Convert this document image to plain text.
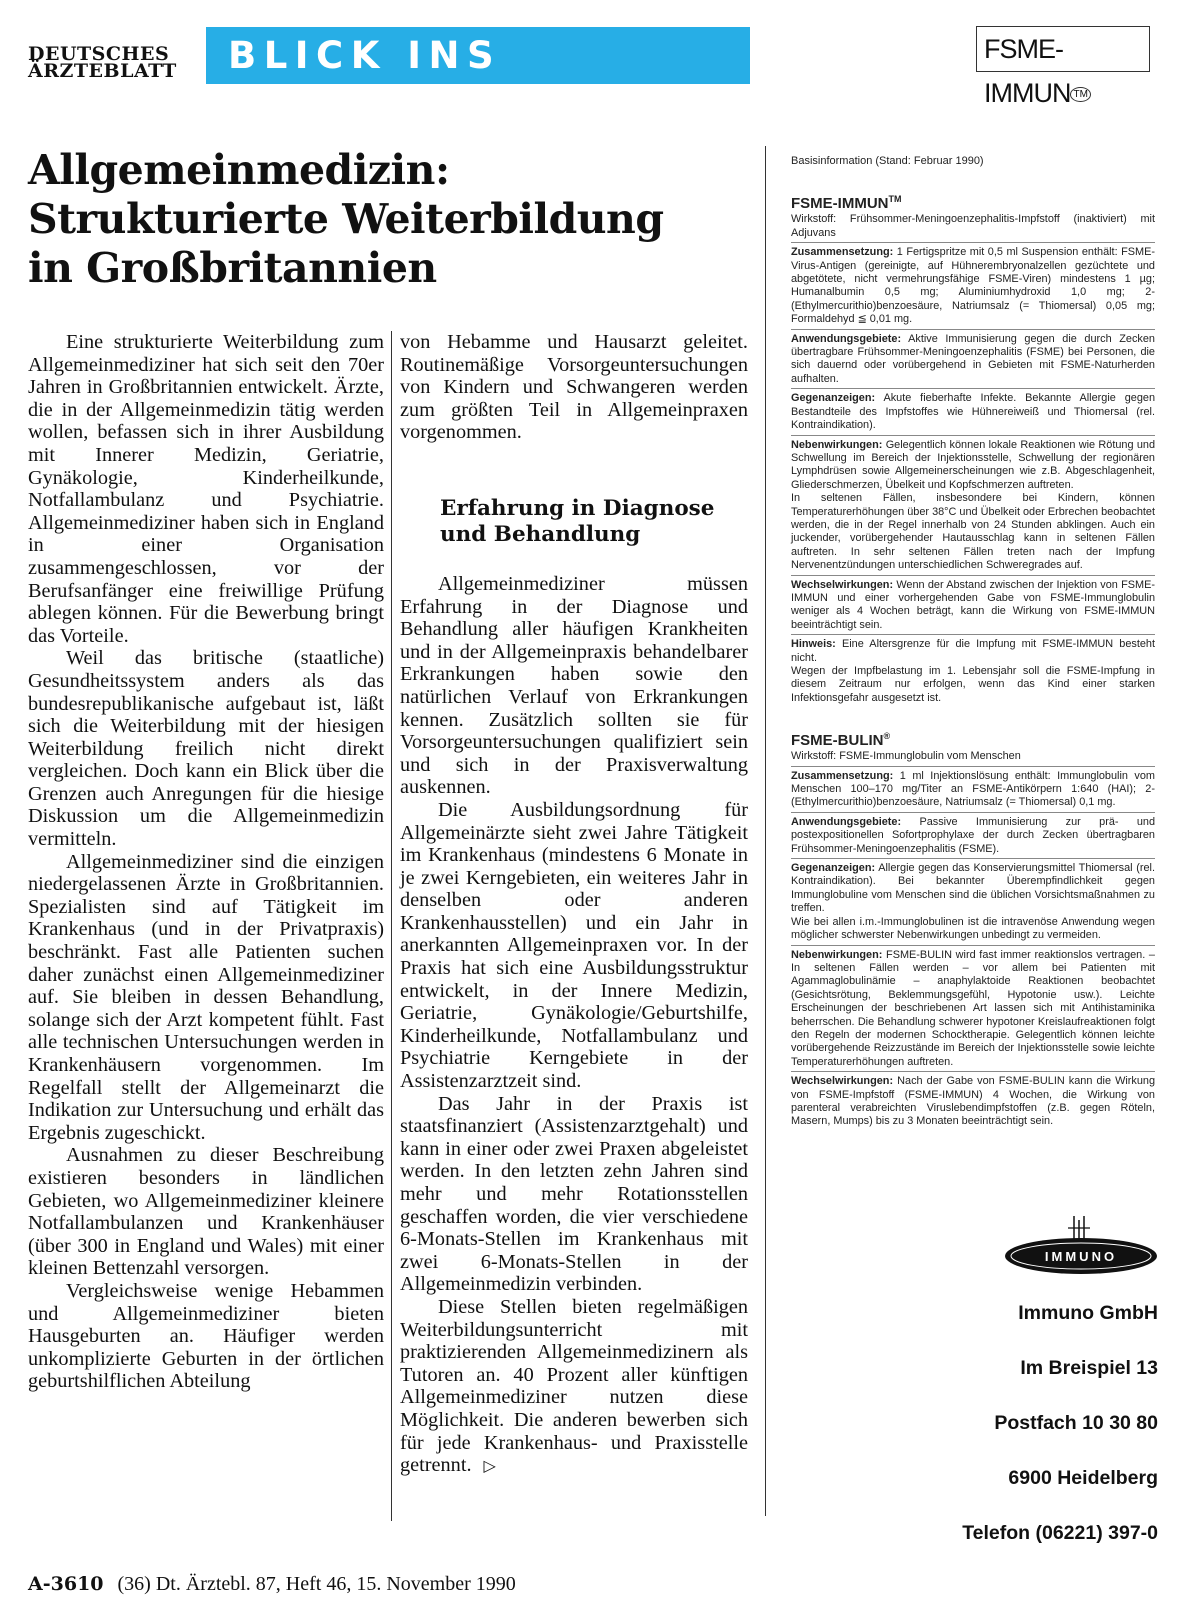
DEUTSCHES
ÄRZTEBLATT	BLICK INS AUSLAND
FSME-IMMUN ™
Allgemeinmedizin:
Strukturierte Weiterbildung
in Großbritannien

Eine strukturierte Weiterbildung zum Allgemeinmediziner hat sich seit den 70er Jahren in Großbritannien entwickelt. Ärzte, die in der Allgemeinmedizin tätig werden wollen, befassen sich in ihrer Ausbildung mit Innerer Medizin, Geriatrie, Gynäkologie, Kinderheilkunde, Notfallambulanz und Psychiatrie. Allgemeinmediziner haben sich in England in einer Organisation zusammengeschlossen, vor der Berufsanfänger eine freiwillige Prüfung ablegen können. Für die Bewerbung bringt das Vorteile.

Weil das britische (staatliche) Gesundheitssystem anders als das bundesrepublikanische aufgebaut ist, läßt sich die Weiterbildung mit der hiesigen Weiterbildung freilich nicht direkt vergleichen. Doch kann ein Blick über die Grenzen auch Anregungen für die hiesige Diskussion um die Allgemeinmedizin vermitteln.

Allgemeinmediziner sind die einzigen niedergelassenen Ärzte in Großbritannien. Spezialisten sind auf Tätigkeit im Krankenhaus (und in der Privatpraxis) beschränkt. Fast alle Patienten suchen daher zunächst einen Allgemeinmediziner auf. Sie bleiben in dessen Behandlung, solange sich der Arzt kompetent fühlt. Fast alle technischen Untersuchungen werden in Krankenhäusern vorgenommen. Im Regelfall stellt der Allgemeinarzt die Indikation zur Untersuchung und erhält das Ergebnis zugeschickt.

Ausnahmen zu dieser Beschreibung existieren besonders in ländlichen Gebieten, wo Allgemeinmediziner kleinere Notfallambulanzen und Krankenhäuser (über 300 in England und Wales) mit einer kleinen Bettenzahl versorgen.

Vergleichsweise wenige Hebammen und Allgemeinmediziner bieten Hausgeburten an. Häufiger werden unkomplizierte Geburten in der örtlichen geburtshilflichen Abteilung

von Hebamme und Hausarzt geleitet. Routinemäßige Vorsorgeuntersuchungen von Kindern und Schwangeren werden zum größten Teil in Allgemeinpraxen vorgenommen.

Erfahrung in Diagnose und Behandlung

Allgemeinmediziner müssen Erfahrung in der Diagnose und Behandlung aller häufigen Krankheiten und in der Allgemeinpraxis behandelbarer Erkrankungen haben sowie den natürlichen Verlauf von Erkrankungen kennen. Zusätzlich sollten sie für Vorsorgeuntersuchungen qualifiziert sein und sich in der Praxisverwaltung auskennen.

Die Ausbildungsordnung für Allgemeinärzte sieht zwei Jahre Tätigkeit im Krankenhaus (mindestens 6 Monate in je zwei Kerngebieten, ein weiteres Jahr in denselben oder anderen Krankenhausstellen) und ein Jahr in anerkannten Allgemeinpraxen vor. In der Praxis hat sich eine Ausbildungsstruktur entwickelt, in der Innere Medizin, Geriatrie, Gynäkologie/Geburtshilfe, Kinderheilkunde, Notfallambulanz und Psychiatrie Kerngebiete in der Assistenzarztzeit sind.

Das Jahr in der Praxis ist staatsfinanziert (Assistenzarztgehalt) und kann in einer oder zwei Praxen abgeleistet werden. In den letzten zehn Jahren sind mehr und mehr Rotationsstellen geschaffen worden, die vier verschiedene 6-Monats-Stellen im Krankenhaus mit zwei 6-Monats-Stellen in der Allgemeinmedizin verbinden.

Diese Stellen bieten regelmäßigen Weiterbildungsunterricht mit praktizierenden Allgemeinmedizinern als Tutoren an. 40 Prozent aller künftigen Allgemeinmediziner nutzen diese Möglichkeit. Die anderen bewerben sich für jede Krankenhaus- und Praxisstelle getrennt. ▷

Basisinformation (Stand: Februar 1990)
FSME-IMMUN™

Wirkstoff: Frühsommer-Meningoenzephalitis-Impfstoff (inaktiviert) mit Adjuvans

Zusammensetzung: 1 Fertigspritze mit 0,5 ml Suspension enthält: FSME-Virus-Antigen (gereinigte, auf Hühnerembryonalzellen gezüchtete und abgetötete, nicht vermehrungsfähige FSME-Viren) mindestens 1 µg; Humanalbumin 0,5 mg; Aluminiumhydroxid 1,0 mg; 2-(Ethylmercurithio)benzoesäure, Natriumsalz (= Thiomersal) 0,05 mg; Formaldehyd ≦ 0,01 mg.

Anwendungsgebiete: Aktive Immunisierung gegen die durch Zecken übertragbare Frühsommer-Meningoenzephalitis (FSME) bei Personen, die sich dauernd oder vorübergehend in Gebieten mit FSME-Naturherden aufhalten.

Gegenanzeigen: Akute fieberhafte Infekte. Bekannte Allergie gegen Bestandteile des Impfstoffes wie Hühnereiweiß und Thiomersal (rel. Kontraindikation).

Nebenwirkungen: Gelegentlich können lokale Reaktionen wie Rötung und Schwellung im Bereich der Injektionsstelle, Schwellung der regionären Lymphdrüsen sowie Allgemeinerscheinungen wie z.B. Abgeschlagenheit, Gliederschmerzen, Übelkeit und Kopfschmerzen auftreten.
In seltenen Fällen, insbesondere bei Kindern, können Temperaturerhöhungen über 38°C und Übelkeit oder Erbrechen beobachtet werden, die in der Regel innerhalb von 24 Stunden abklingen. Auch ein juckender, vorübergehender Hautausschlag kann in seltenen Fällen auftreten. In sehr seltenen Fällen treten nach der Impfung Nervenentzündungen unterschiedlichen Schweregrades auf.

Wechselwirkungen: Wenn der Abstand zwischen der Injektion von FSME-IMMUN und einer vorhergehenden Gabe von FSME-Immunglobulin weniger als 4 Wochen beträgt, kann die Wirkung von FSME-IMMUN beeinträchtigt sein.

Hinweis: Eine Altersgrenze für die Impfung mit FSME-IMMUN besteht nicht.
Wegen der Impfbelastung im 1. Lebensjahr soll die FSME-Impfung in diesem Zeitraum nur erfolgen, wenn das Kind einer starken Infektionsgefahr ausgesetzt ist.

FSME-BULIN®

Wirkstoff: FSME-Immunglobulin vom Menschen

Zusammensetzung: 1 ml Injektionslösung enthält: Immunglobulin vom Menschen 100–170 mg/Titer an FSME-Antikörpern 1:640 (HAI); 2-(Ethylmercurithio)benzoesäure, Natriumsalz (= Thiomersal) 0,1 mg.

Anwendungsgebiete: Passive Immunisierung zur prä- und postexpositionellen Sofortprophylaxe der durch Zecken übertragbaren Frühsommer-Meningoenzephalitis (FSME).

Gegenanzeigen: Allergie gegen das Konservierungsmittel Thiomersal (rel. Kontraindikation). Bei bekannter Überempfindlichkeit gegen Immunglobuline vom Menschen sind die üblichen Vorsichtsmaßnahmen zu treffen.
Wie bei allen i.m.-Immunglobulinen ist die intravenöse Anwendung wegen möglicher schwerster Nebenwirkungen unbedingt zu vermeiden.

Nebenwirkungen: FSME-BULIN wird fast immer reaktionslos vertragen. – In seltenen Fällen werden – vor allem bei Patienten mit Agammaglobulinämie – anaphylaktoide Reaktionen beobachtet (Gesichtsrötung, Beklemmungsgefühl, Hypotonie usw.). Leichte Erscheinungen der beschriebenen Art lassen sich mit Antihistaminika beherrschen. Die Behandlung schwerer hypotoner Kreislaufreaktionen folgt den Regeln der modernen Schocktherapie. Gelegentlich können leichte vorübergehende Reizzustände im Bereich der Injektionsstelle sowie leichte Temperaturerhöhungen auftreten.

Wechselwirkungen: Nach der Gabe von FSME-BULIN kann die Wirkung von FSME-Impfstoff (FSME-IMMUN) 4 Wochen, die Wirkung von parenteral verabreichten Viruslebendimpfstoffen (z.B. gegen Röteln, Masern, Mumps) bis zu 3 Monaten beeinträchtigt sein.

IMMUNO
Immuno GmbH
Im Breispiel 13
Postfach 10 30 80
6900 Heidelberg
Telefon (06221) 397-0
A-3610 (36) Dt. Ärztebl. 87, Heft 46, 15. November 1990
